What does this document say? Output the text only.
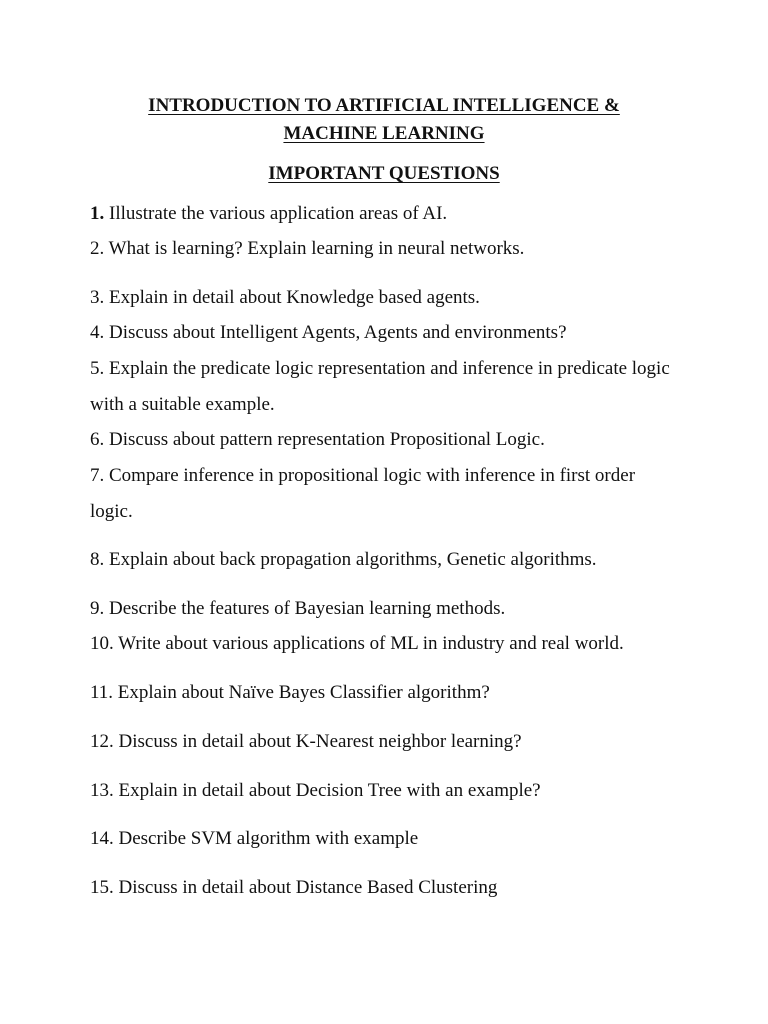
INTRODUCTION TO ARTIFICIAL INTELLIGENCE &
MACHINE LEARNING
IMPORTANT QUESTIONS

1. Illustrate the various application areas of AI.

2. What is learning? Explain learning in neural networks.

3. Explain in detail about Knowledge based agents.

4. Discuss about Intelligent Agents, Agents and environments?

5. Explain the predicate logic representation and inference in predicate logic with a suitable example.

6. Discuss about pattern representation Propositional Logic.

7. Compare inference in propositional logic with inference in first order logic.

8. Explain about back propagation algorithms, Genetic algorithms.

9. Describe the features of Bayesian learning methods.

10. Write about various applications of ML in industry and real world.

11. Explain about Naïve Bayes Classifier algorithm?

12. Discuss in detail about K-Nearest neighbor learning?

13. Explain in detail about Decision Tree with an example?

14. Describe SVM algorithm with example

15. Discuss in detail about Distance Based Clustering
